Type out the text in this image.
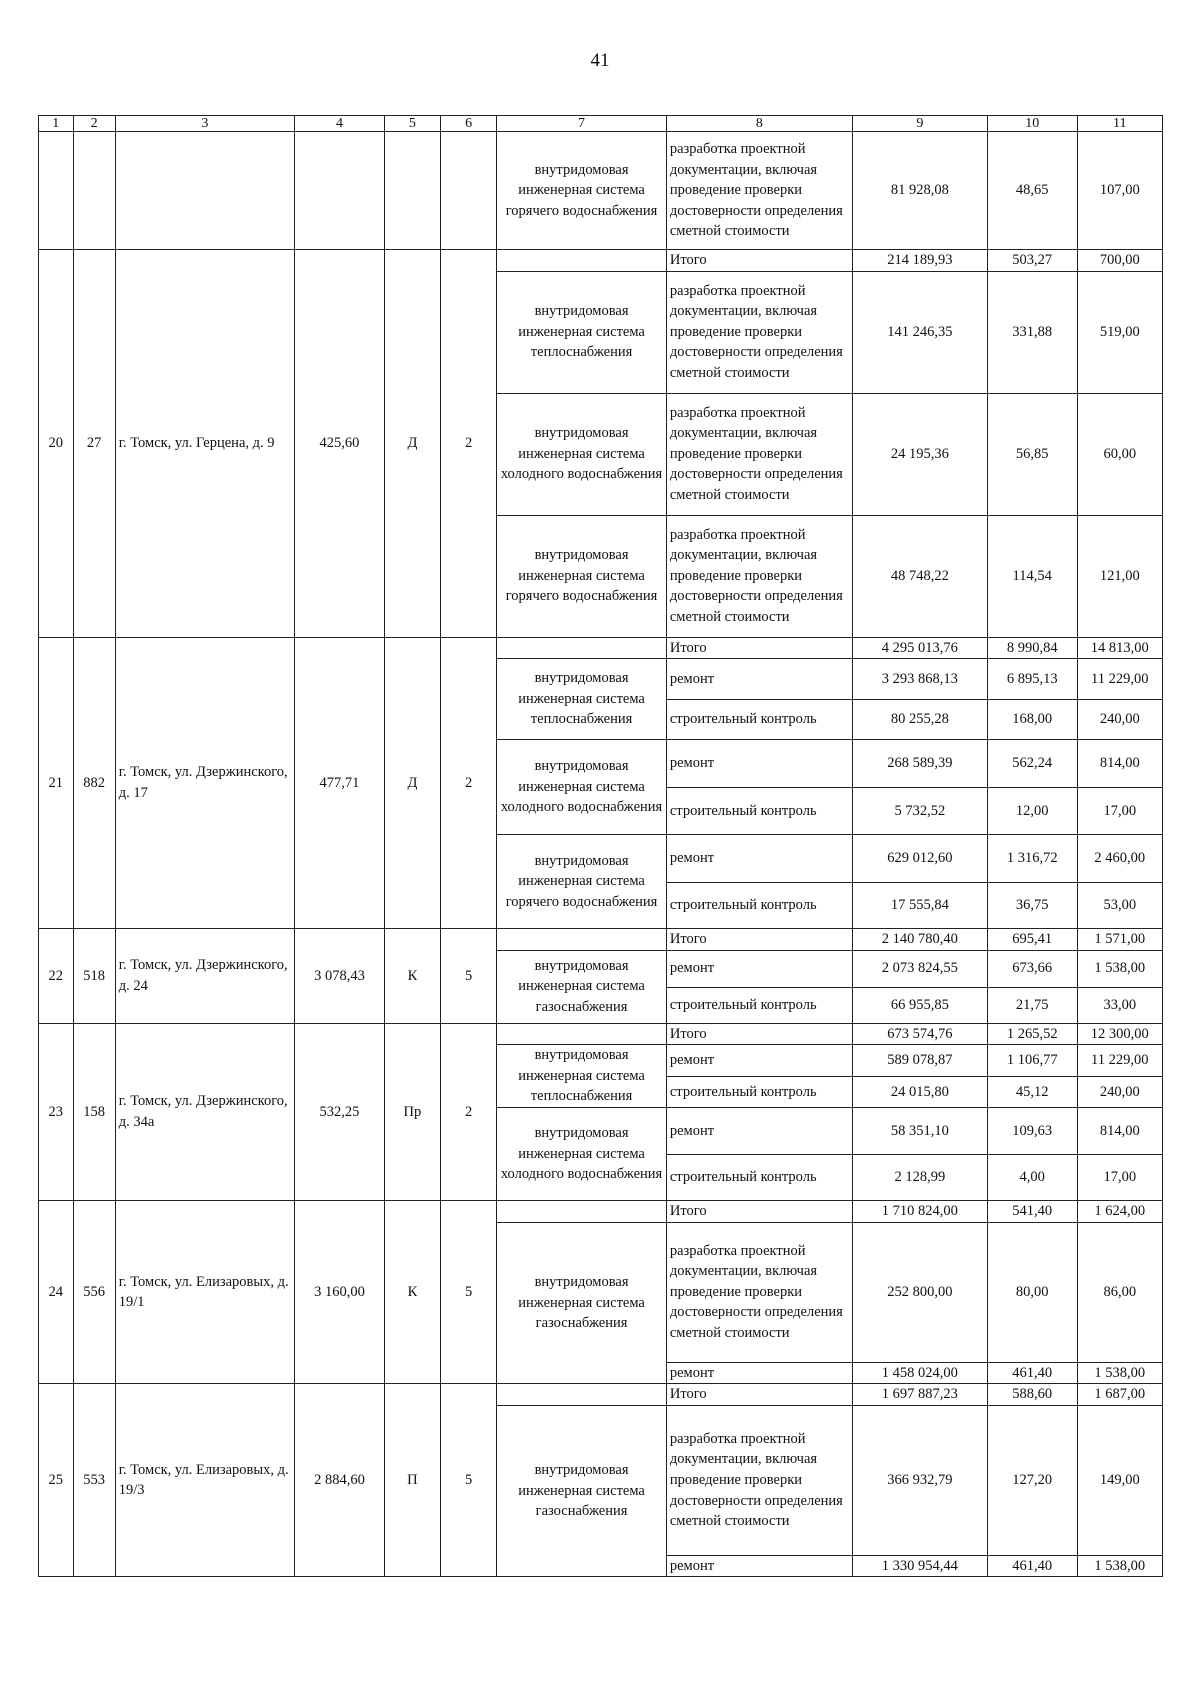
41
1	2	3	4	5	6	7	8	9	10	11
						внутридомовая инженерная система горячего водоснабжения	разработка проектной документации, включая проведение проверки достоверности определения сметной стоимости	81 928,08	48,65	107,00
20	27	г. Томск, ул. Герцена, д. 9	425,60	Д	2		Итого	214 189,93	503,27	700,00
						внутридомовая инженерная система теплоснабжения	разработка проектной документации, включая проведение проверки достоверности определения сметной стоимости	141 246,35	331,88	519,00
						внутридомовая инженерная система холодного водоснабжения	разработка проектной документации, включая проведение проверки достоверности определения сметной стоимости	24 195,36	56,85	60,00
						внутридомовая инженерная система горячего водоснабжения	разработка проектной документации, включая проведение проверки достоверности определения сметной стоимости	48 748,22	114,54	121,00
21	882	г. Томск, ул. Дзержинского, д. 17	477,71	Д	2		Итого	4 295 013,76	8 990,84	14 813,00
						внутридомовая инженерная система теплоснабжения	ремонт	3 293 868,13	6 895,13	11 229,00
							строительный контроль	80 255,28	168,00	240,00
						внутридомовая инженерная система холодного водоснабжения	ремонт	268 589,39	562,24	814,00
							строительный контроль	5 732,52	12,00	17,00
						внутридомовая инженерная система горячего водоснабжения	ремонт	629 012,60	1 316,72	2 460,00
							строительный контроль	17 555,84	36,75	53,00
22	518	г. Томск, ул. Дзержинского, д. 24	3 078,43	К	5		Итого	2 140 780,40	695,41	1 571,00
						внутридомовая инженерная система газоснабжения	ремонт	2 073 824,55	673,66	1 538,00
							строительный контроль	66 955,85	21,75	33,00
23	158	г. Томск, ул. Дзержинского, д. 34а	532,25	Пр	2		Итого	673 574,76	1 265,52	12 300,00
						внутридомовая инженерная система теплоснабжения	ремонт	589 078,87	1 106,77	11 229,00
							строительный контроль	24 015,80	45,12	240,00
						внутридомовая инженерная система холодного водоснабжения	ремонт	58 351,10	109,63	814,00
							строительный контроль	2 128,99	4,00	17,00
24	556	г. Томск, ул. Елизаровых, д. 19/1	3 160,00	К	5		Итого	1 710 824,00	541,40	1 624,00
						внутридомовая инженерная система газоснабжения	разработка проектной документации, включая проведение проверки достоверности определения сметной стоимости	252 800,00	80,00	86,00
							ремонт	1 458 024,00	461,40	1 538,00
25	553	г. Томск, ул. Елизаровых, д. 19/3	2 884,60	П	5		Итого	1 697 887,23	588,60	1 687,00
						внутридомовая инженерная система газоснабжения	разработка проектной документации, включая проведение проверки достоверности определения сметной стоимости	366 932,79	127,20	149,00
							ремонт	1 330 954,44	461,40	1 538,00
